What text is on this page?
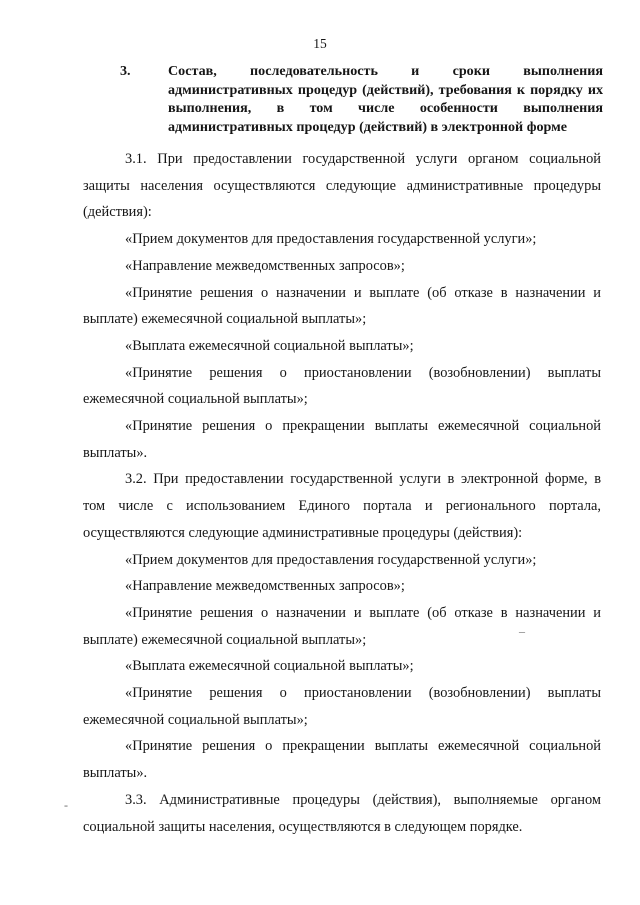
15
3.	Состав, последовательность и сроки выполнения административных процедур (действий), требования к порядку их выполнения, в том числе особенности выполнения административных процедур (действий) в электронной форме

3.1. При предоставлении государственной услуги органом социальной защиты населения осуществляются следующие административные процедуры (действия):

«Прием документов для предоставления государственной услуги»;

«Направление межведомственных запросов»;

«Принятие решения о назначении и выплате (об отказе в назначении и выплате) ежемесячной социальной выплаты»;

«Выплата ежемесячной социальной выплаты»;

«Принятие решения о приостановлении (возобновлении) выплаты ежемесячной социальной выплаты»;

«Принятие решения о прекращении выплаты ежемесячной социальной выплаты».

3.2. При предоставлении государственной услуги в электронной форме, в том числе с использованием Единого портала и регионального портала, осуществляются следующие административные процедуры (действия):

«Прием документов для предоставления государственной услуги»;

«Направление межведомственных запросов»;

«Принятие решения о назначении и выплате (об отказе в назначении и выплате) ежемесячной социальной выплаты»;

«Выплата ежемесячной социальной выплаты»;

«Принятие решения о приостановлении (возобновлении) выплаты ежемесячной социальной выплаты»;

«Принятие решения о прекращении выплаты ежемесячной социальной выплаты».

3.3. Административные процедуры (действия), выполняемые органом социальной защиты населения, осуществляются в следующем порядке.

-
_
